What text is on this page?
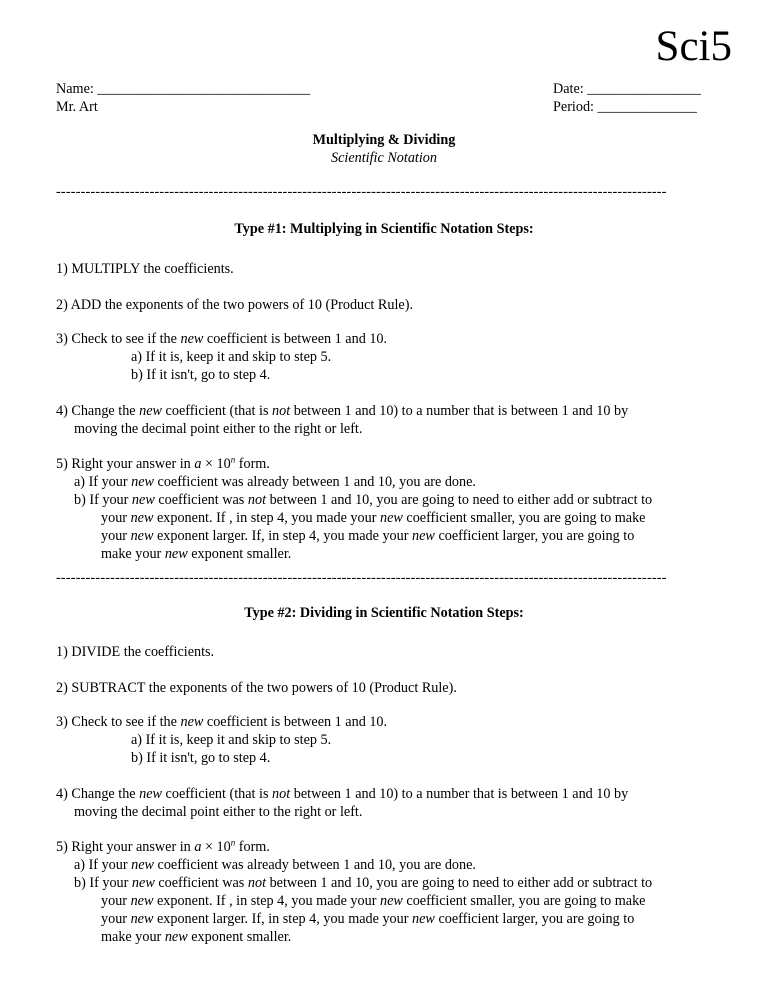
Sci5
Name: ______________________________
Mr. Art
Date: ________________
Period: ______________
Multiplying & Dividing
Scientific Notation
----------------------------------------------------------------------------------------------------------------------------
Type #1: Multiplying in Scientific Notation Steps:
1) MULTIPLY the coefficients.
2) ADD the exponents of the two powers of 10 (Product Rule).
3) Check to see if the new coefficient is between 1 and 10.
a) If it is, keep it and skip to step 5.
b) If it isn't, go to step 4.
4) Change the new coefficient (that is not between 1 and 10) to a number that is between 1 and 10 by
moving the decimal point either to the right or left.
5) Right your answer in $a \times 10^n$ form.
a) If your new coefficient was already between 1 and 10, you are done.
b) If your new coefficient was not between 1 and 10, you are going to need to either add or subtract to
your new exponent. If , in step 4, you made your new coefficient smaller, you are going to make
your new exponent larger. If, in step 4, you made your new coefficient larger, you are going to
make your new exponent smaller.
----------------------------------------------------------------------------------------------------------------------------
Type #2: Dividing in Scientific Notation Steps:
1) DIVIDE the coefficients.
2) SUBTRACT the exponents of the two powers of 10 (Product Rule).
3) Check to see if the new coefficient is between 1 and 10.
a) If it is, keep it and skip to step 5.
b) If it isn't, go to step 4.
4) Change the new coefficient (that is not between 1 and 10) to a number that is between 1 and 10 by
moving the decimal point either to the right or left.
5) Right your answer in $a \times 10^n$ form.
a) If your new coefficient was already between 1 and 10, you are done.
b) If your new coefficient was not between 1 and 10, you are going to need to either add or subtract to
your new exponent. If , in step 4, you made your new coefficient smaller, you are going to make
your new exponent larger. If, in step 4, you made your new coefficient larger, you are going to
make your new exponent smaller.
